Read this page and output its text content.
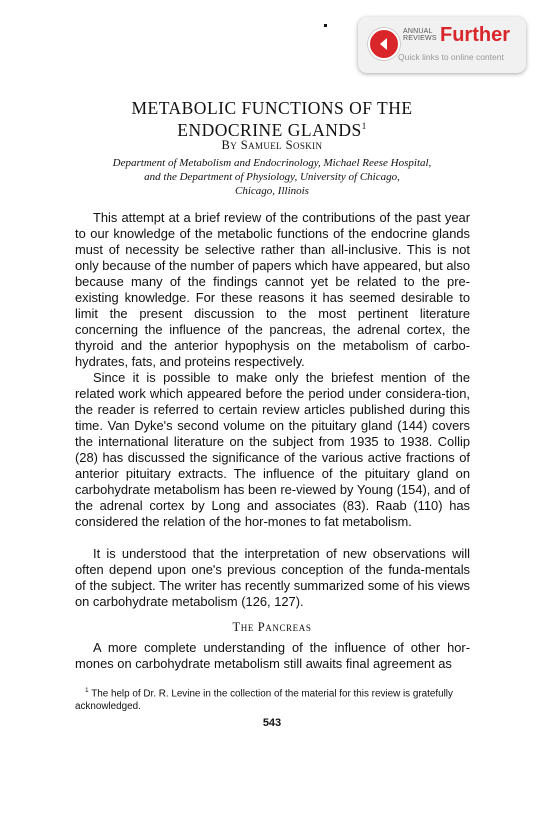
ANNUAL
REVIEWS Further
Quick links to online content
METABOLIC FUNCTIONS OF THE
ENDOCRINE GLANDS$^1$
By Samuel Soskin
Department of Metabolism and Endocrinology, Michael Reese Hospital,
and the Department of Physiology, University of Chicago,
Chicago, Illinois

This attempt at a brief review of the contributions of the past year to our knowledge of the metabolic functions of the endocrine glands must of necessity be selective rather than all-inclusive. This is not only because of the number of papers which have appeared, but also because many of the findings cannot yet be related to the pre-existing knowledge. For these reasons it has seemed desirable to limit the present discussion to the most pertinent literature concerning the influence of the pancreas, the adrenal cortex, the thyroid and the anterior hypophysis on the metabolism of carbo-hydrates, fats, and proteins respectively.

Since it is possible to make only the briefest mention of the related work which appeared before the period under considera-tion, the reader is referred to certain review articles published during this time. Van Dyke's second volume on the pituitary gland (144) covers the international literature on the subject from 1935 to 1938. Collip (28) has discussed the significance of the various active fractions of anterior pituitary extracts. The influence of the pituitary gland on carbohydrate metabolism has been re-viewed by Young (154), and of the adrenal cortex by Long and associates (83). Raab (110) has considered the relation of the hor-mones to fat metabolism.

It is understood that the interpretation of new observations will often depend upon one's previous conception of the funda-mentals of the subject. The writer has recently summarized some of his views on carbohydrate metabolism (126, 127).

The Pancreas

A more complete understanding of the influence of other hor-mones on carbohydrate metabolism still awaits final agreement as

$^1$ The help of Dr. R. Levine in the collection of the material for this review is gratefully acknowledged.

543
